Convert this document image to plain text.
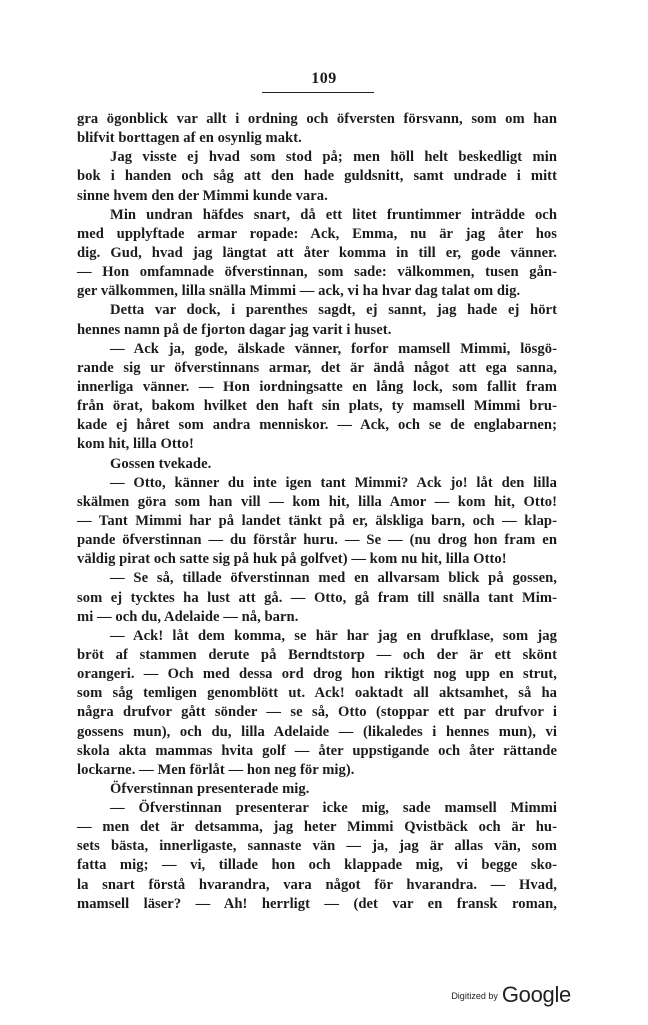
109
gra ögonblick var allt i ordning och öfversten försvann, som om han
blifvit borttagen af en osynlig makt.
Jag visste ej hvad som stod på; men höll helt beskedligt min
bok i handen och såg att den hade guldsnitt, samt undrade i mitt
sinne hvem den der Mimmi kunde vara.
Min undran häfdes snart, då ett litet fruntimmer inträdde och
med upplyftade armar ropade: Ack, Emma, nu är jag åter hos
dig. Gud, hvad jag längtat att åter komma in till er, gode vänner.
— Hon omfamnade öfverstinnan, som sade: välkommen, tusen gån-
ger välkommen, lilla snälla Mimmi — ack, vi ha hvar dag talat om dig.
Detta var dock, i parenthes sagdt, ej sannt, jag hade ej hört
hennes namn på de fjorton dagar jag varit i huset.
— Ack ja, gode, älskade vänner, forfor mamsell Mimmi, lösgö-
rande sig ur öfverstinnans armar, det är ändå något att ega sanna,
innerliga vänner. — Hon iordningsatte en lång lock, som fallit fram
från örat, bakom hvilket den haft sin plats, ty mamsell Mimmi bru-
kade ej håret som andra menniskor. — Ack, och se de englabarnen;
kom hit, lilla Otto!
Gossen tvekade.
— Otto, känner du inte igen tant Mimmi? Ack jo! låt den lilla
skälmen göra som han vill — kom hit, lilla Amor — kom hit, Otto!
— Tant Mimmi har på landet tänkt på er, älskliga barn, och — klap-
pande öfverstinnan — du förstår huru. — Se — (nu drog hon fram en
väldig pirat och satte sig på huk på golfvet) — kom nu hit, lilla Otto!
— Se så, tillade öfverstinnan med en allvarsam blick på gossen,
som ej tycktes ha lust att gå. — Otto, gå fram till snälla tant Mim-
mi — och du, Adelaide — nå, barn.
— Ack! låt dem komma, se här har jag en drufklase, som jag
bröt af stammen derute på Berndtstorp — och der är ett skönt
orangeri. — Och med dessa ord drog hon riktigt nog upp en strut,
som såg temligen genomblött ut. Ack! oaktadt all aktsamhet, så ha
några drufvor gått sönder — se så, Otto (stoppar ett par drufvor i
gossens mun), och du, lilla Adelaide — (likaledes i hennes mun), vi
skola akta mammas hvita golf — åter uppstigande och åter rättande
lockarne. — Men förlåt — hon neg för mig).
Öfverstinnan presenterade mig.
— Öfverstinnan presenterar icke mig, sade mamsell Mimmi
— men det är detsamma, jag heter Mimmi Qvistbäck och är hu-
sets bästa, innerligaste, sannaste vän — ja, jag är allas vän, som
fatta mig; — vi, tillade hon och klappade mig, vi begge sko-
la snart förstå hvarandra, vara något för hvarandra. — Hvad,
mamsell läser? — Ah! herrligt — (det var en fransk roman,
Digitized by Google
